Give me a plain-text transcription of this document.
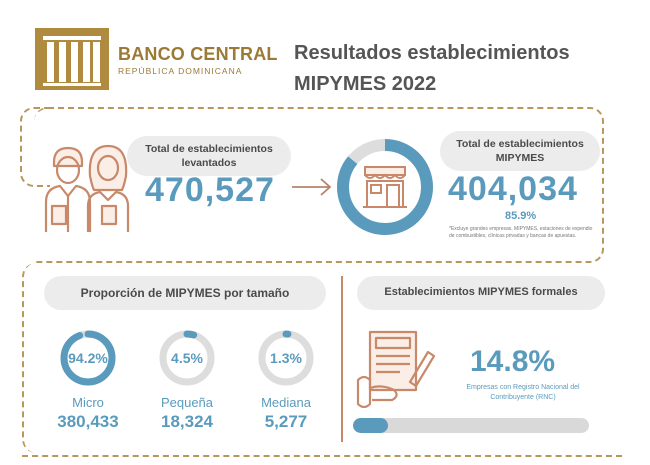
BANCO CENTRAL
REPÚBLICA DOMINICANA
Resultados establecimientos
MIPYMES 2022
Total de establecimientos
levantados
470,527
Total de establecimientos
MIPYMES
404,034
85.9%
*Excluye grandes empresas, MIPYMES, estaciones de expendio de combustibles, clínicas privadas y bancas de apuestas.
Proporción de MIPYMES por tamaño	Establecimientos MIPYMES formales
94.2%
Micro
380,433
4.5%
Pequeña
18,324
1.3%
Mediana
5,277
14.8%
Empresas con Registro Nacional del
Contribuyente (RNC)
